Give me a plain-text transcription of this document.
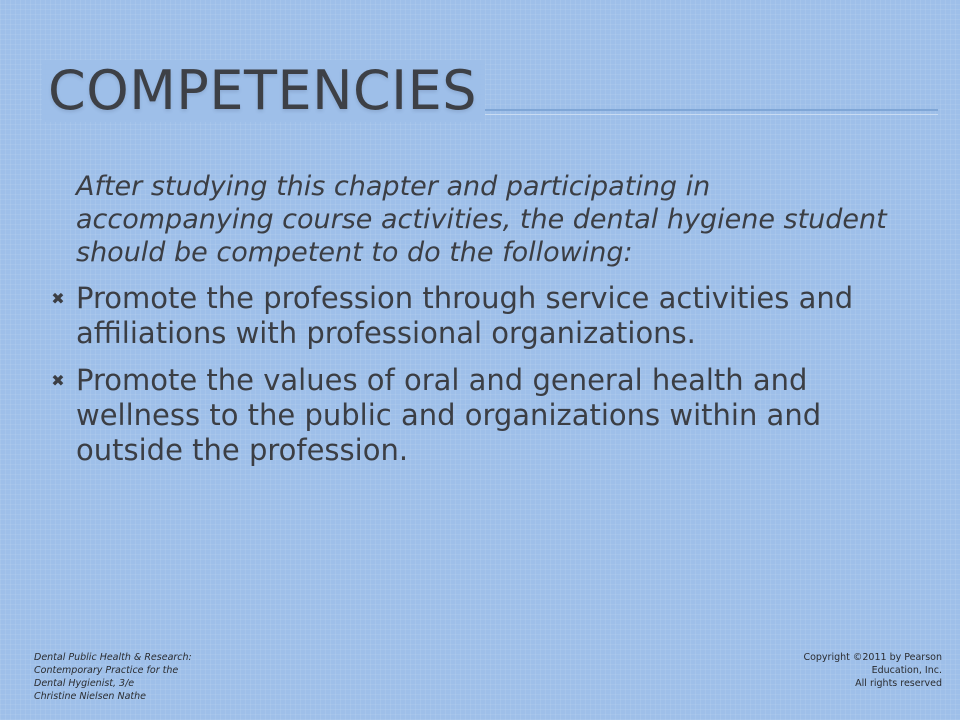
COMPETENCIES

After studying this chapter and participating in accompanying course activities, the dental hygiene student should be competent to do the following:

✖ Promote the profession through service activities and affiliations with professional organizations.
✖ Promote the values of oral and general health and wellness to the public and organizations within and outside the profession.
Dental Public Health & Research:
Contemporary Practice for the
Dental Hygienist, 3/e
Christine Nielsen Nathe
Copyright ©2011 by Pearson
Education, Inc.
All rights reserved
